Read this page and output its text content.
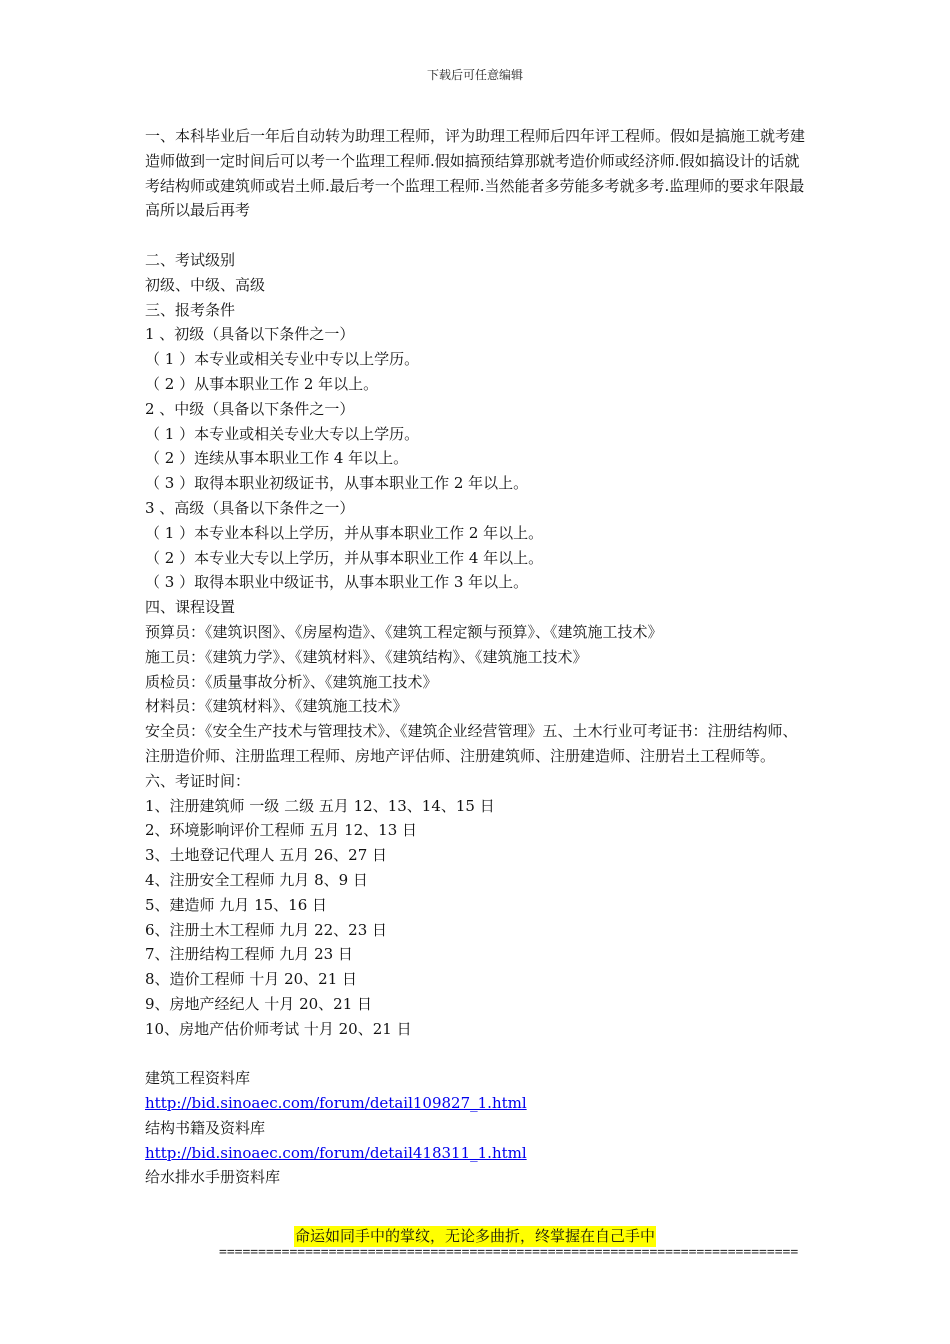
下载后可任意编辑

一、本科毕业后一年后自动转为助理工程师，评为助理工程师后四年评工程师。假如是搞施工就考建造师做到一定时间后可以考一个监理工程师.假如搞预结算那就考造价师或经济师.假如搞设计的话就考结构师或建筑师或岩土师.最后考一个监理工程师.当然能者多劳能多考就多考.监理师的要求年限最高所以最后再考

二、考试级别

初级、中级、高级

三、报考条件

1 、初级（具备以下条件之一）

（ 1 ）本专业或相关专业中专以上学历。

（ 2 ）从事本职业工作 2 年以上。

2 、中级（具备以下条件之一）

（ 1 ）本专业或相关专业大专以上学历。

（ 2 ）连续从事本职业工作 4 年以上。

（ 3 ）取得本职业初级证书，从事本职业工作 2 年以上。

3 、高级（具备以下条件之一）

（ 1 ）本专业本科以上学历，并从事本职业工作 2 年以上。

（ 2 ）本专业大专以上学历，并从事本职业工作 4 年以上。

（ 3 ）取得本职业中级证书，从事本职业工作 3 年以上。

四、课程设置

预算员：《建筑识图》、《房屋构造》、《建筑工程定额与预算》、《建筑施工技术》

施工员：《建筑力学》、《建筑材料》、《建筑结构》、《建筑施工技术》

质检员：《质量事故分析》、《建筑施工技术》

材料员：《建筑材料》、《建筑施工技术》

安全员：《安全生产技术与管理技术》、《建筑企业经营管理》五、土木行业可考证书：注册结构师、注册造价师、注册监理工程师、房地产评估师、注册建筑师、注册建造师、注册岩土工程师等。

六、考证时间：

1、注册建筑师 一级 二级 五月 12、13、14、15 日

2、环境影响评价工程师 五月 12、13 日

3、土地登记代理人 五月 26、27 日

4、注册安全工程师 九月 8、9 日

5、建造师 九月 15、16 日

6、注册土木工程师 九月 22、23 日

7、注册结构工程师 九月 23 日

8、造价工程师 十月 20、21 日

9、房地产经纪人 十月 20、21 日

10、房地产估价师考试 十月 20、21 日

建筑工程资料库

http://bid.sinoaec.com/forum/detail109827_1.html

结构书籍及资料库

http://bid.sinoaec.com/forum/detail418311_1.html

给水排水手册资料库

命运如同手中的掌纹，无论多曲折，终掌握在自己手中
==========================================================================
